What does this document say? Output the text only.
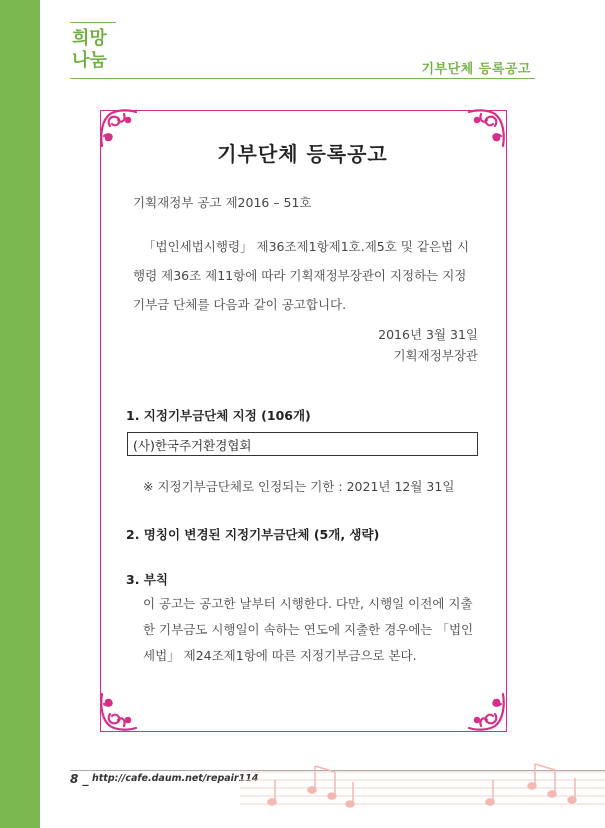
희망
나눔	기부단체 등록공고
기부단체 등록공고
기획재정부 공고 제2016 – 51호
「법인세법시행령」 제36조제1항제1호.제5호 및 같은법 시행령 제36조 제11항에 따라 기획재정부장관이 지정하는 지정기부금 단체를 다음과 같이 공고합니다.
2016년 3월 31일
기획재정부장관
1. 지정기부금단체 지정 (106개)
(사)한국주거환경협회
※ 지정기부금단체로 인정되는 기한 : 2021년 12월 31일
2. 명칭이 변경된 지정기부금단체 (5개, 생략)
3. 부칙
이 공고는 공고한 날부터 시행한다. 다만, 시행일 이전에 지출한 기부금도 시행일이 속하는 연도에 지출한 경우에는 「법인세법」 제24조제1항에 따른 지정기부금으로 본다.
8 _ http://cafe.daum.net/repair114
